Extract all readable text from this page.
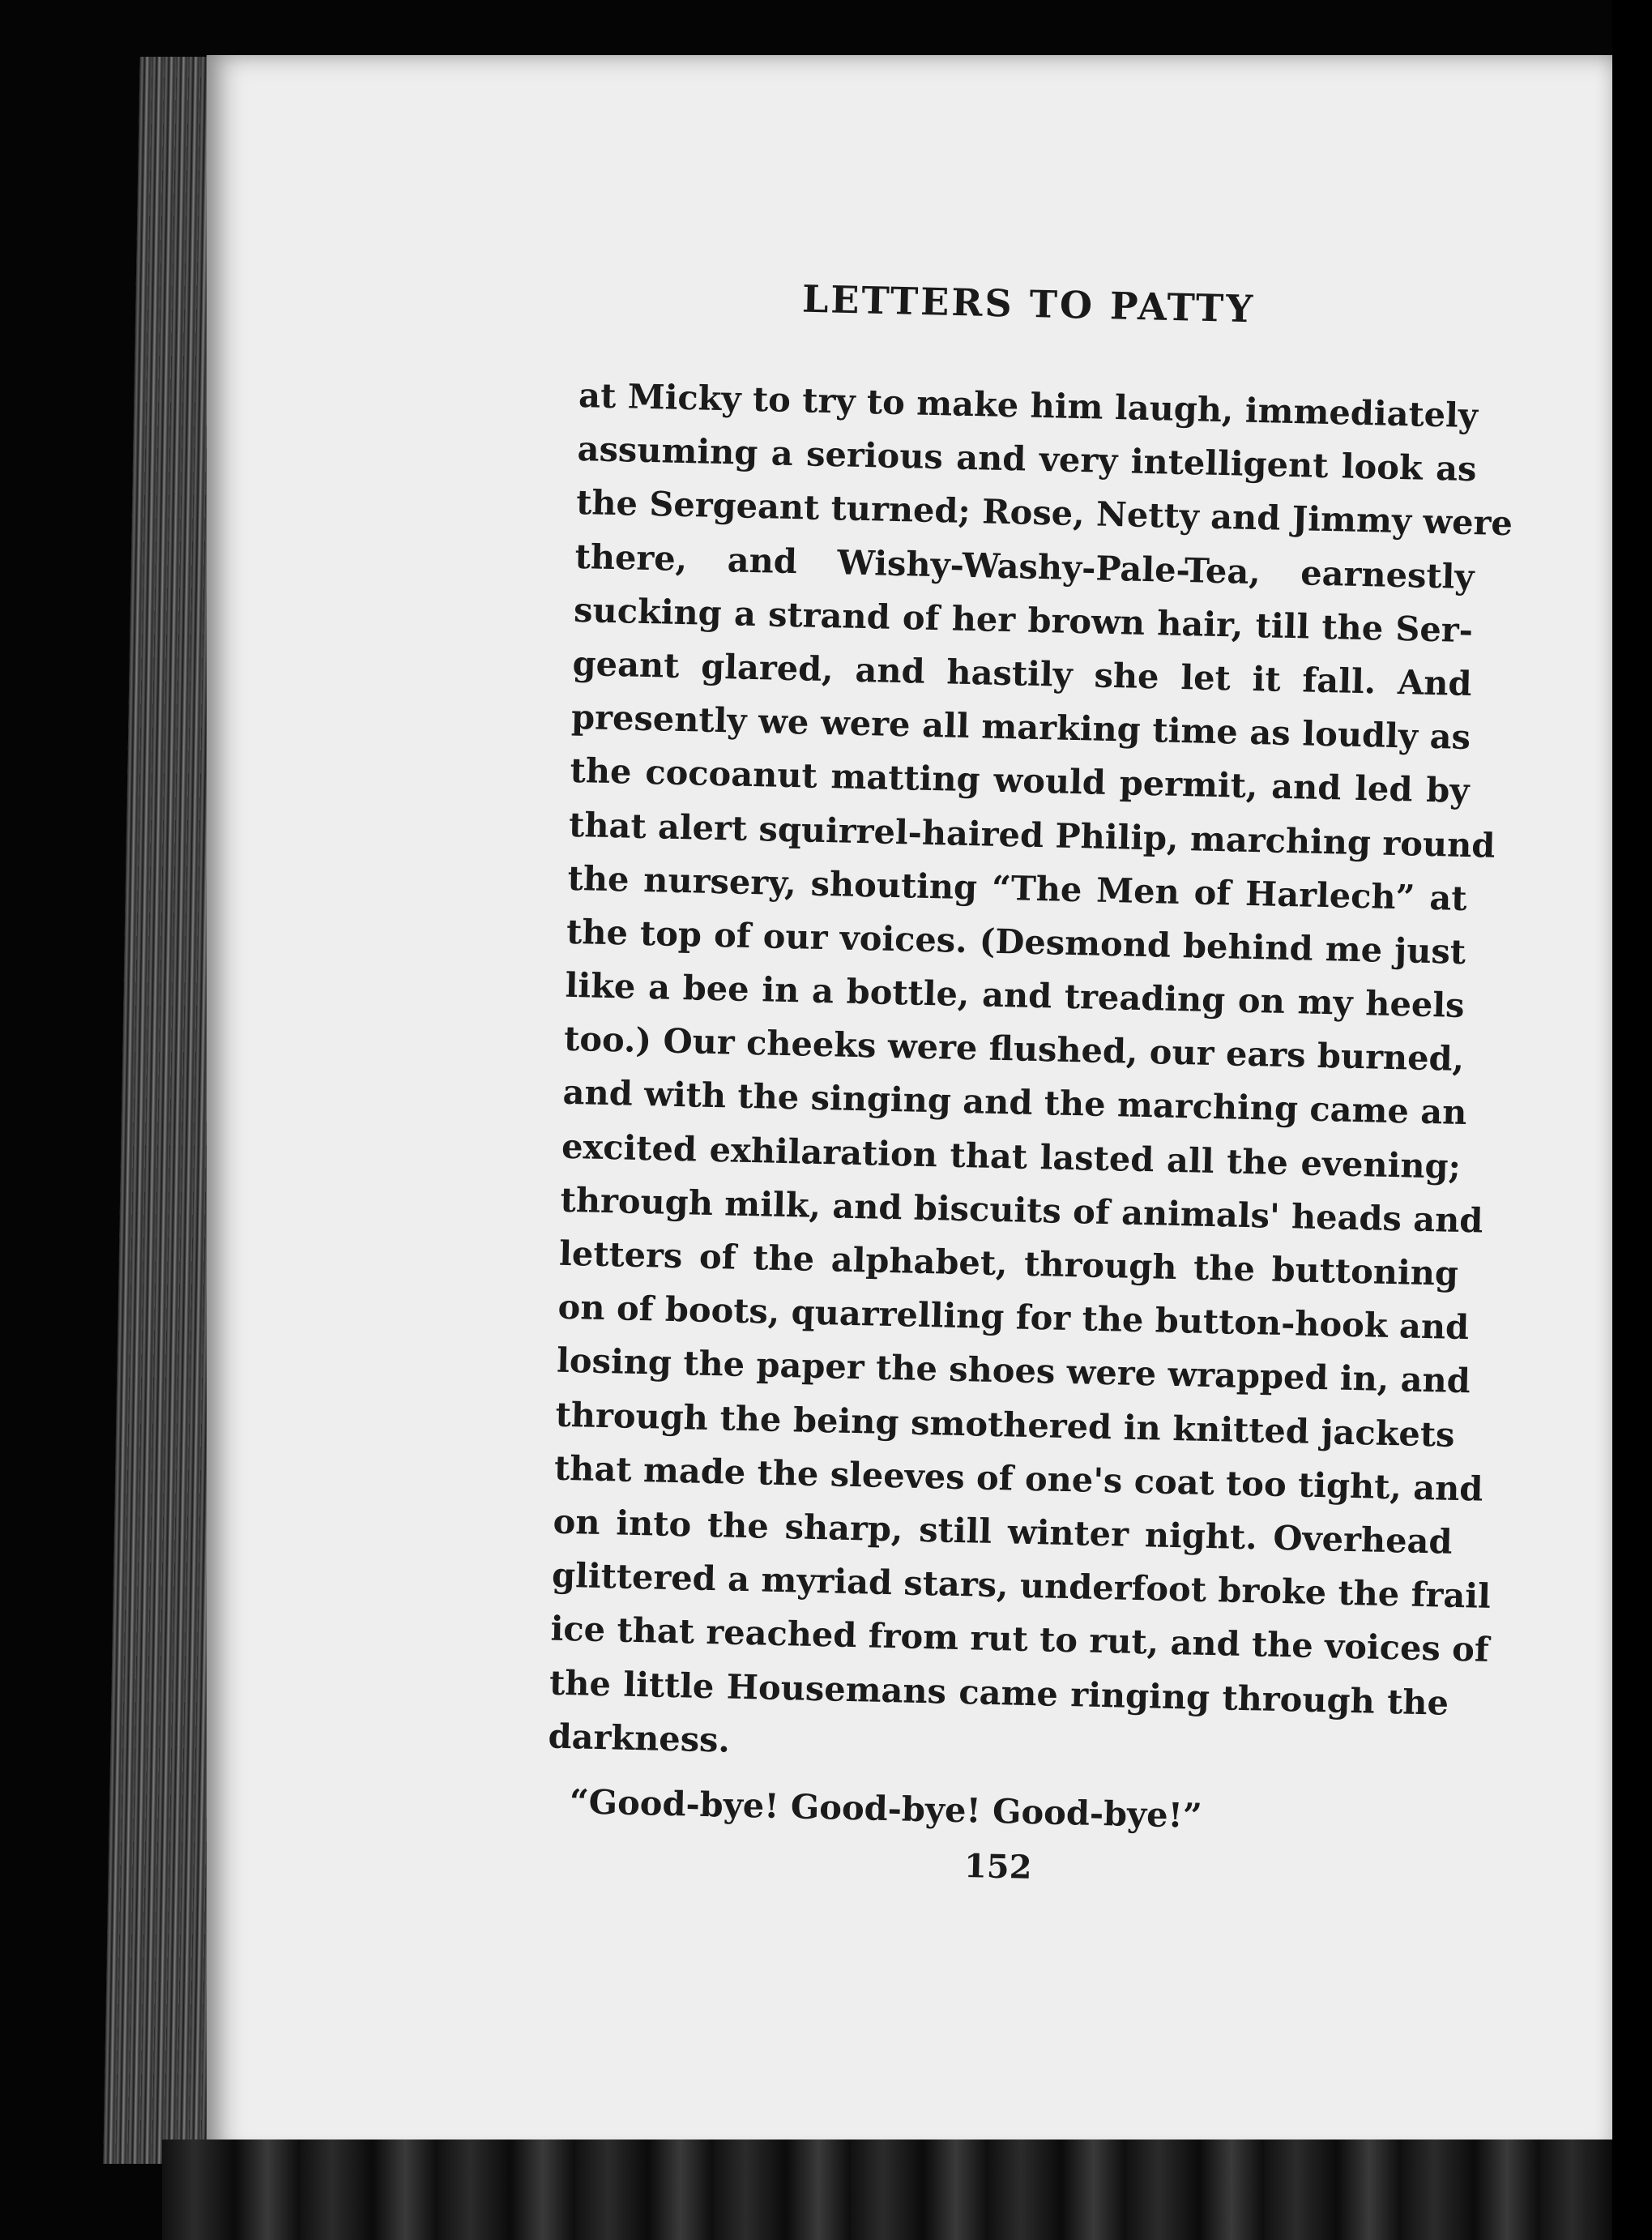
LETTERS TO PATTY
at Micky to try to make him laugh, immediately
assuming a serious and very intelligent look as
the Sergeant turned; Rose, Netty and Jimmy were
there, and Wishy-Washy-Pale-Tea, earnestly
sucking a strand of her brown hair, till the Ser-
geant glared, and hastily she let it fall. And
presently we were all marking time as loudly as
the cocoanut matting would permit, and led by
that alert squirrel-haired Philip, marching round
the nursery, shouting “The Men of Harlech” at
the top of our voices. (Desmond behind me just
like a bee in a bottle, and treading on my heels
too.) Our cheeks were flushed, our ears burned,
and with the singing and the marching came an
excited exhilaration that lasted all the evening;
through milk, and biscuits of animals' heads and
letters of the alphabet, through the buttoning
on of boots, quarrelling for the button-hook and
losing the paper the shoes were wrapped in, and
through the being smothered in knitted jackets
that made the sleeves of one's coat too tight, and
on into the sharp, still winter night. Overhead
glittered a myriad stars, underfoot broke the frail
ice that reached from rut to rut, and the voices of
the little Housemans came ringing through the
darkness.
“Good-bye! Good-bye! Good-bye!”
152
